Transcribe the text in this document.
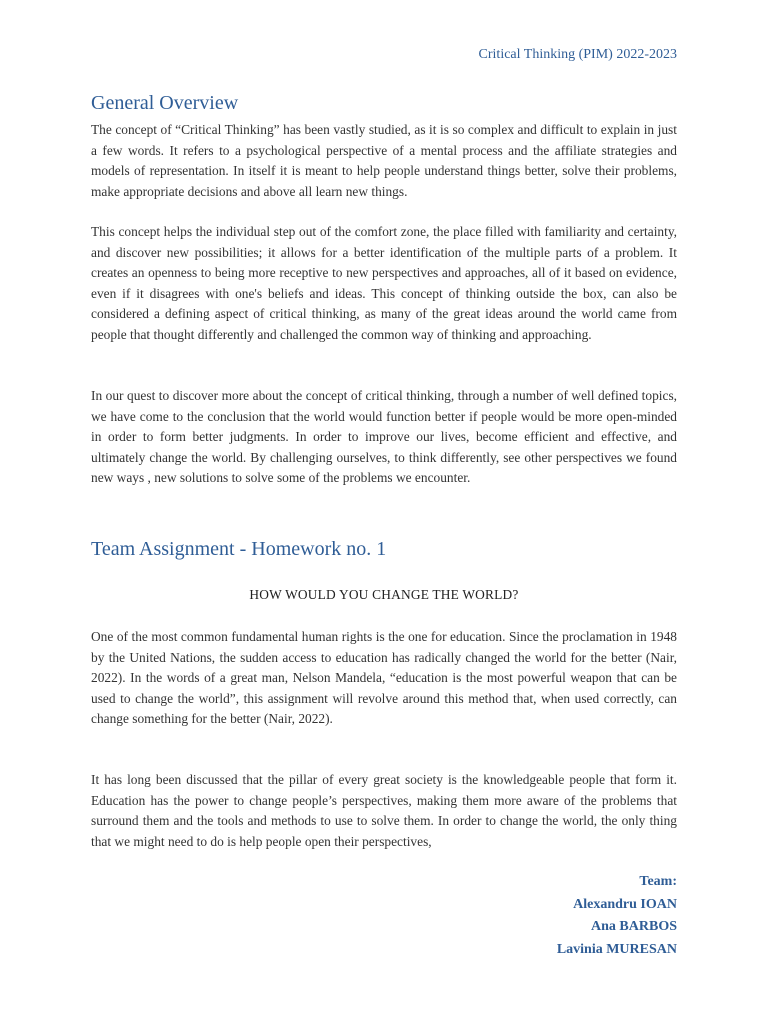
Critical Thinking (PIM) 2022-2023
General Overview

The concept of “Critical Thinking” has been vastly studied, as it is so complex and difficult to explain in just a few words. It refers to a psychological perspective of a mental process and the affiliate strategies and models of representation. In itself it is meant to help people understand things better, solve their problems, make appropriate decisions and above all learn new things.

This concept helps the individual step out of the comfort zone, the place filled with familiarity and certainty, and discover new possibilities; it allows for a better identification of the multiple parts of a problem. It creates an openness to being more receptive to new perspectives and approaches, all of it based on evidence, even if it disagrees with one's beliefs and ideas. This concept of thinking outside the box, can also be considered a defining aspect of critical thinking, as many of the great ideas around the world came from people that thought differently and challenged the common way of thinking and approaching.

In our quest to discover more about the concept of critical thinking, through a number of well defined topics, we have come to the conclusion that the world would function better if people would be more open-minded in order to form better judgments. In order to improve our lives, become efficient and effective, and ultimately change the world. By challenging ourselves, to think differently, see other perspectives we found new ways , new solutions to solve some of the problems we encounter.

Team Assignment - Homework no. 1
HOW WOULD YOU CHANGE THE WORLD?

One of the most common fundamental human rights is the one for education. Since the proclamation in 1948 by the United Nations, the sudden access to education has radically changed the world for the better (Nair, 2022). In the words of a great man, Nelson Mandela, “education is the most powerful weapon that can be used to change the world”, this assignment will revolve around this method that, when used correctly, can change something for the better (Nair, 2022).

It has long been discussed that the pillar of every great society is the knowledgeable people that form it. Education has the power to change people’s perspectives, making them more aware of the problems that surround them and the tools and methods to use to solve them. In order to change the world, the only thing that we might need to do is help people open their perspectives,

Team:
Alexandru IOAN
Ana BARBOS
Lavinia MURESAN
